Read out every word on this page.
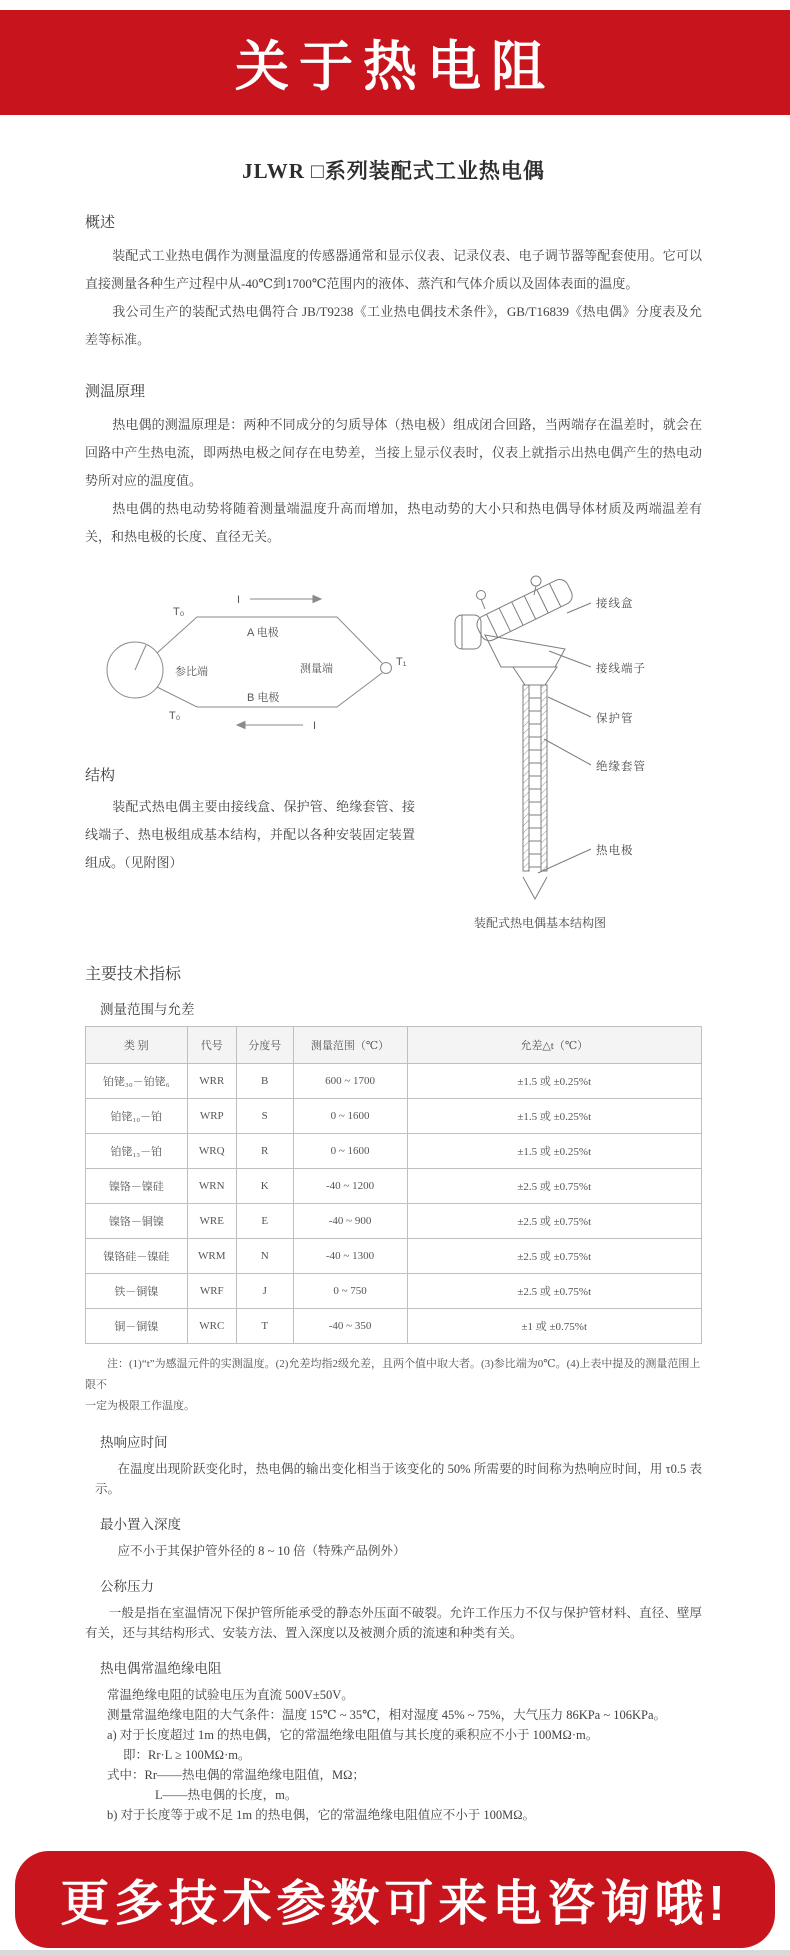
关于热电阻
JLWR □系列装配式工业热电偶
概述

装配式工业热电偶作为测量温度的传感器通常和显示仪表、记录仪表、电子调节器等配套使用。它可以直接测量各种生产过程中从-40℃到1700℃范围内的液体、蒸汽和气体介质以及固体表面的温度。

我公司生产的装配式热电偶符合 JB/T9238《工业热电偶技术条件》，GB/T16839《热电偶》分度表及允差等标准。

测温原理

热电偶的测温原理是：两种不同成分的匀质导体（热电极）组成闭合回路，当两端存在温差时，就会在回路中产生热电流，即两热电极之间存在电势差，当接上显示仪表时，仪表上就指示出热电偶产生的热电动势所对应的温度值。

热电偶的热电动势将随着测量端温度升高而增加，热电动势的大小只和热电偶导体材质及两端温差有关，和热电极的长度、直径无关。

T₀
参比端
I
A 电极
测量端
T₁
B 电极
I
T₀
结构

装配式热电偶主要由接线盒、保护管、绝缘套管、接线端子、热电极组成基本结构，并配以各种安装固定装置组成。（见附图）

接线盒
接线端子
保护管
绝缘套管
热电极
装配式热电偶基本结构图
主要技术指标
测量范围与允差
类 别	代号	分度号	测量范围（℃）	允差△t（℃）
铂铑₃₀－铂铑₆	WRR	B	600 ~ 1700	±1.5 或 ±0.25%t
铂铑₁₀－铂	WRP	S	0 ~ 1600	±1.5 或 ±0.25%t
铂铑₁₃－铂	WRQ	R	0 ~ 1600	±1.5 或 ±0.25%t
镍铬－镍硅	WRN	K	-40 ~ 1200	±2.5 或 ±0.75%t
镍铬－铜镍	WRE	E	-40 ~ 900	±2.5 或 ±0.75%t
镍铬硅－镍硅	WRM	N	-40 ~ 1300	±2.5 或 ±0.75%t
铁－铜镍	WRF	J	0 ~ 750	±2.5 或 ±0.75%t
铜－铜镍	WRC	T	-40 ~ 350	±1 或 ±0.75%t
注：(1)“t”为感温元件的实测温度。(2)允差均指2级允差，且两个值中取大者。(3)参比端为0℃。(4)上表中提及的测量范围上限不
一定为极限工作温度。
热响应时间

在温度出现阶跃变化时，热电偶的输出变化相当于该变化的 50% 所需要的时间称为热响应时间，用 τ0.5 表示。

最小置入深度

应不小于其保护管外径的 8 ~ 10 倍（特殊产品例外）

公称压力

一般是指在室温情况下保护管所能承受的静态外压面不破裂。允许工作压力不仅与保护管材料、直径、壁厚有关，还与其结构形式、安装方法、置入深度以及被测介质的流速和种类有关。

热电偶常温绝缘电阻
常温绝缘电阻的试验电压为直流 500V±50V。
测量常温绝缘电阻的大气条件：温度 15℃ ~ 35℃，相对湿度 45% ~ 75%，大气压力 86KPa ~ 106KPa。
a) 对于长度超过 1m 的热电偶，它的常温绝缘电阻值与其长度的乘积应不小于 100MΩ·m。
即：Rr·L ≥ 100MΩ·m。
式中：Rr——热电偶的常温绝缘电阻值，MΩ；
L——热电偶的长度，m。
b) 对于长度等于或不足 1m 的热电偶，它的常温绝缘电阻值应不小于 100MΩ。
更多技术参数可来电咨询哦!
